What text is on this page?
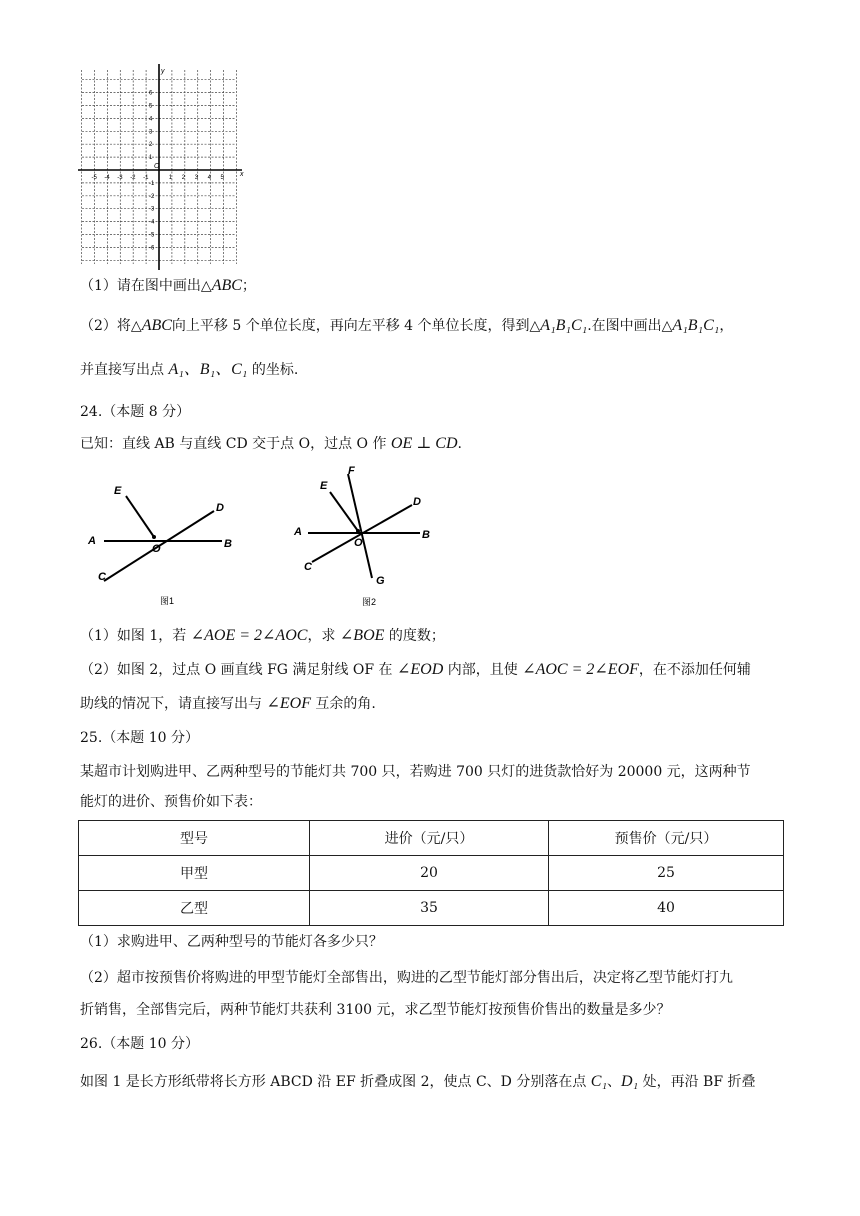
y
x
O
-5 -4 -3 -2 -1	1 2 3 4 5
6
5
4
3
2
1
-1
-2
-3
-4
-5
-6
（1）请在图中画出△ABC；
（2）将△ABC向上平移 5 个单位长度，再向左平移 4 个单位长度，得到△A₁B₁C₁.在图中画出△A₁B₁C₁，
并直接写出点 A₁、B₁、C₁ 的坐标.
24.（本题 8 分）
已知：直线 AB 与直线 CD 交于点 O，过点 O 作 OE ⊥ CD.
E
D
A	B
O
C
图1
F
E
D
A	B
O
C
G
图2
（1）如图 1，若 ∠AOE = 2∠AOC，求 ∠BOE 的度数；
（2）如图 2，过点 O 画直线 FG 满足射线 OF 在 ∠EOD 内部，且使 ∠AOC = 2∠EOF，在不添加任何辅
助线的情况下，请直接写出与 ∠EOF 互余的角.
25.（本题 10 分）
某超市计划购进甲、乙两种型号的节能灯共 700 只，若购进 700 只灯的进货款恰好为 20000 元，这两种节
能灯的进价、预售价如下表：
型号	进价（元/只）	预售价（元/只）
甲型	20	25
乙型	35	40
（1）求购进甲、乙两种型号的节能灯各多少只？
（2）超市按预售价将购进的甲型节能灯全部售出，购进的乙型节能灯部分售出后，决定将乙型节能灯打九
折销售，全部售完后，两种节能灯共获利 3100 元，求乙型节能灯按预售价售出的数量是多少？
26.（本题 10 分）
如图 1 是长方形纸带将长方形 ABCD 沿 EF 折叠成图 2，使点 C、D 分别落在点 C₁、D₁ 处，再沿 BF 折叠
